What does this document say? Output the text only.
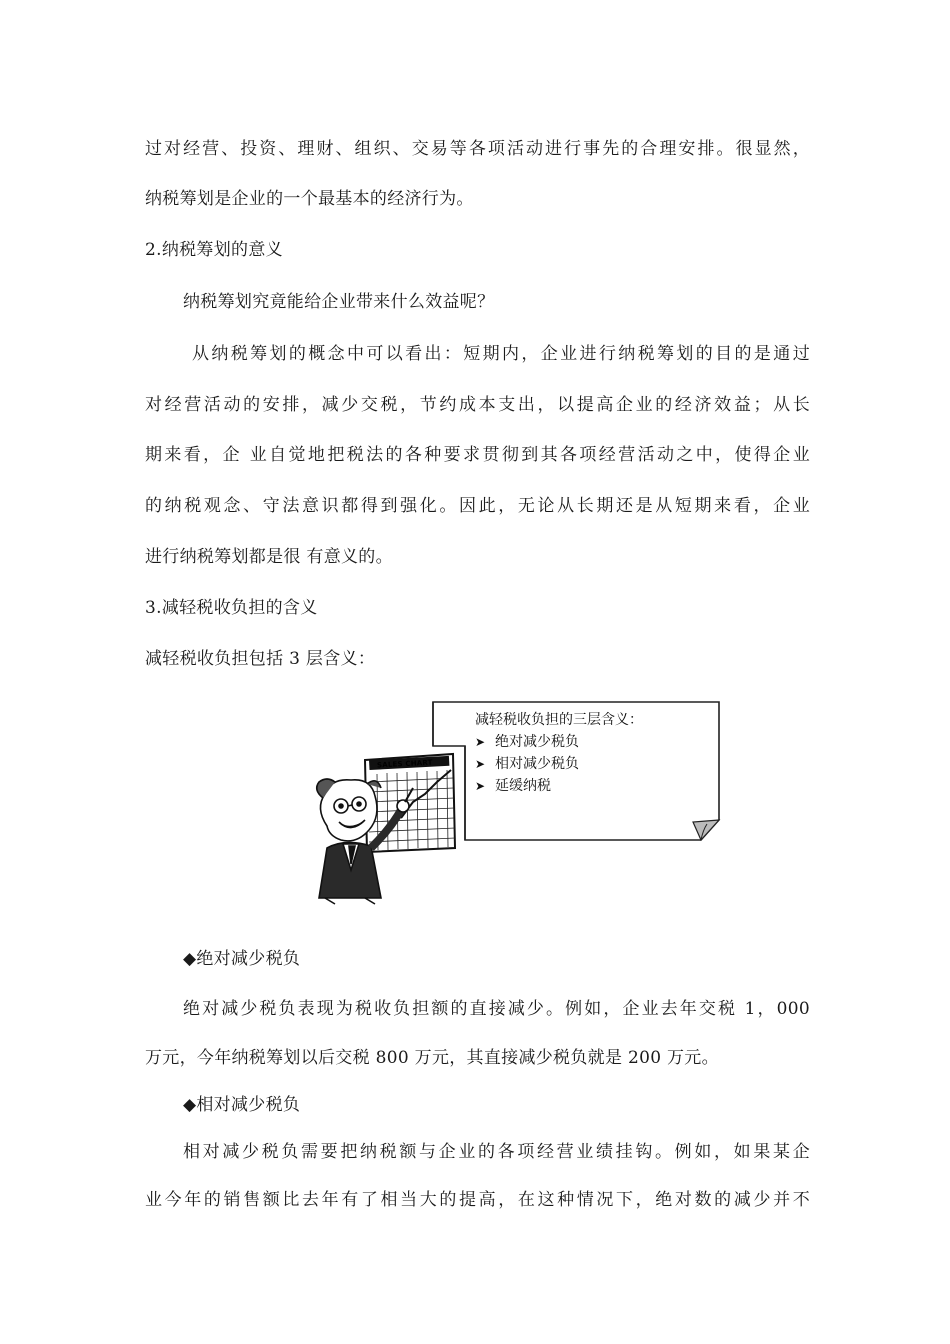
过对经营、投资、理财、组织、交易等各项活动进行事先的合理安排。很显然，
纳税筹划是企业的一个最基本的经济行为。
2.纳税筹划的意义
纳税筹划究竟能给企业带来什么效益呢？
从纳税筹划的概念中可以看出：短期内，企业进行纳税筹划的目的是通过
对经营活动的安排，减少交税，节约成本支出，以提高企业的经济效益；从长
期来看，企 业自觉地把税法的各种要求贯彻到其各项经营活动之中，使得企业
的纳税观念、守法意识都得到强化。因此，无论从长期还是从短期来看，企业
进行纳税筹划都是很 有意义的。
3.减轻税收负担的含义
减轻税收负担包括 3 层含义：
SALES CHART
减轻税收负担的三层含义：
➤ 绝对减少税负
➤ 相对减少税负
➤ 延缓纳税
◆绝对减少税负
绝对减少税负表现为税收负担额的直接减少。例如，企业去年交税 1，000
万元，今年纳税筹划以后交税 800 万元，其直接减少税负就是 200 万元。
◆相对减少税负
相对减少税负需要把纳税额与企业的各项经营业绩挂钩。例如，如果某企
业今年的销售额比去年有了相当大的提高，在这种情况下，绝对数的减少并不
